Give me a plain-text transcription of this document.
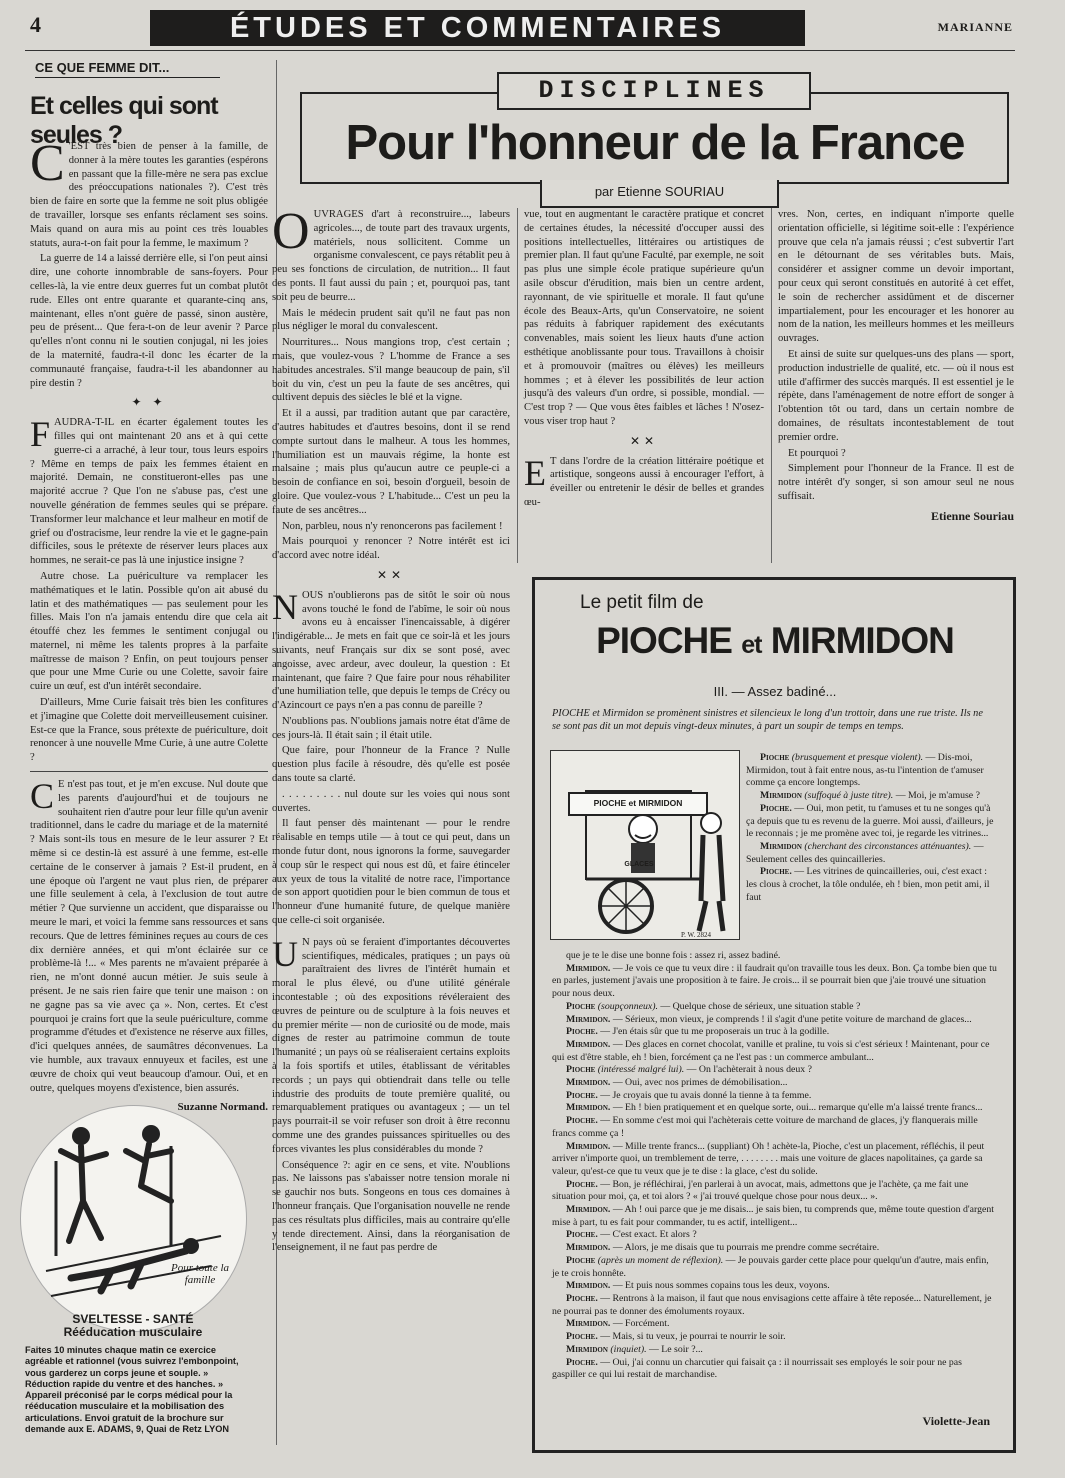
4	ÉTUDES ET COMMENTAIRES	MARIANNE
CE QUE FEMME DIT...
Et celles qui sont seules ?

C 'EST très bien de penser à la famille, de donner à la mère toutes les garanties (espérons en passant que la fille-mère ne sera pas exclue des préoccupations nationales ?). C'est très bien de faire en sorte que la femme ne soit plus obligée de travailler, lorsque ses enfants réclament ses soins. Mais quand on aura mis au point ces très louables statuts, aura-t-on fait pour la femme, le maximum ?

La guerre de 14 a laissé derrière elle, si l'on peut ainsi dire, une cohorte innombrable de sans-foyers. Pour celles-là, la vie entre deux guerres fut un combat plutôt rude. Elles ont entre quarante et quarante-cinq ans, maintenant, elles n'ont guère de passé, sinon austère, peu de présent... Que fera-t-on de leur avenir ? Parce qu'elles n'ont connu ni le soutien conjugal, ni les joies de la maternité, faudra-t-il donc les écarter de la communauté française, faudra-t-il les abandonner au pire destin ?

✦ ✦

FAUDRA-T-IL en écarter également toutes les filles qui ont maintenant 20 ans et à qui cette guerre-ci a arraché, à leur tour, tous leurs espoirs ? Même en temps de paix les femmes étaient en majorité. Demain, ne constitueront-elles pas une majorité accrue ? Que l'on ne s'abuse pas, c'est une nouvelle génération de femmes seules qui se prépare. Transformer leur malchance et leur malheur en motif de grief ou d'ostracisme, leur rendre la vie et le gagne-pain difficiles, sous le prétexte de réserver leurs places aux hommes, ne serait-ce pas là une injustice insigne ?

Autre chose. La puériculture va remplacer les mathématiques et le latin. Possible qu'on ait abusé du latin et des mathématiques — pas seulement pour les filles. Mais l'on n'a jamais entendu dire que cela ait étouffé chez les femmes le sentiment conjugal ou maternel, ni même les talents propres à la parfaite maîtresse de maison ? Enfin, on peut toujours penser que pour une Mme Curie ou une Colette, savoir faire cuire un œuf, est d'un intérêt secondaire.

D'ailleurs, Mme Curie faisait très bien les confitures et j'imagine que Colette doit merveilleusement cuisiner. Est-ce que la France, sous prétexte de puériculture, doit renoncer à une nouvelle Mme Curie, à une autre Colette ?

C E n'est pas tout, et je m'en excuse. Nul doute que les parents d'aujourd'hui et de toujours ne souhaitent rien d'autre pour leur fille qu'un avenir traditionnel, dans le cadre du mariage et de la maternité ? Mais sont-ils tous en mesure de le leur assurer ? Et même si ce destin-là est assuré à une femme, est-elle certaine de le conserver à jamais ? Est-il prudent, en une époque où l'argent ne vaut plus rien, de préparer une fille seulement à cela, à l'exclusion de tout autre métier ? Que survienne un accident, que disparaisse ou meure le mari, et voici la femme sans ressources et sans recours. Que de lettres féminines reçues au cours de ces dix dernière années, et qui m'ont éclairée sur ce problème-là !... « Mes parents ne m'avaient préparée à rien, ne m'ont donné aucun métier. Je suis seule à présent. Je ne sais rien faire que tenir une maison : on ne gagne pas sa vie avec ça ». Non, certes. Et c'est pourquoi je crains fort que la seule puériculture, comme programme d'études et d'existence ne réserve aux filles, d'ici quelques années, de saumâtres déconvenues. La vie humble, aux travaux ennuyeux et faciles, est une œuvre de choix qui veut beaucoup d'amour. Oui, et en outre, quelques moyens d'existence, bien assurés.

Suzanne Normand.
Pour toute la famille
SVELTESSE - SANTÉ
Rééducation musculaire
Faites 10 minutes chaque matin ce exercice agréable et rationnel (vous suivrez l'embonpoint, vous garderez un corps jeune et souple. » Réduction rapide du ventre et des hanches. » Appareil préconisé par le corps médical pour la rééducation musculaire et la mobilisation des articulations. Envoi gratuit de la brochure sur demande aux E. ADAMS, 9, Quai de Retz LYON
DISCIPLINES
Pour l'honneur de la France
par Etienne SOURIAU

OUVRAGES d'art à reconstruire..., labeurs agricoles..., de toute part des travaux urgents, matériels, nous sollicitent. Comme un organisme convalescent, ce pays rétablit peu à peu ses fonctions de circulation, de nutrition... Il faut des ponts. Il faut aussi du pain ; et, pourquoi pas, tant soit peu de beurre...

Mais le médecin prudent sait qu'il ne faut pas non plus négliger le moral du convalescent.

Nourritures... Nous mangions trop, c'est certain ; mais, que voulez-vous ? L'homme de France a ses habitudes ancestrales. S'il mange beaucoup de pain, s'il boit du vin, c'est un peu la faute de ses ancêtres, qui cultivent depuis des siècles le blé et la vigne.

Et il a aussi, par tradition autant que par caractère, d'autres habitudes et d'autres besoins, dont il se rend compte surtout dans le malheur. A tous les hommes, l'humiliation est un mauvais régime, la honte est malsaine ; mais plus qu'aucun autre ce peuple-ci a besoin de confiance en soi, besoin d'orgueil, besoin de gloire. Que voulez-vous ? L'habitude... C'est un peu la faute de ses ancêtres...

Non, parbleu, nous n'y renoncerons pas facilement !

Mais pourquoi y renoncer ? Notre intérêt est ici d'accord avec notre idéal.

✕✕

NOUS n'oublierons pas de sitôt le soir où nous avons touché le fond de l'abîme, le soir où nous avons eu à encaisser l'inencaissable, à digérer l'indigérable... Je mets en fait que ce soir-là et les jours suivants, neuf Français sur dix se sont posé, avec angoisse, avec ardeur, avec douleur, la question : Et maintenant, que faire ? Que faire pour nous réhabiliter d'une humiliation telle, que depuis le temps de Crécy ou d'Azincourt ce pays n'en a pas connu de pareille ?

N'oublions pas. N'oublions jamais notre état d'âme de ces jours-là. Il était sain ; il était utile.

Que faire, pour l'honneur de la France ? Nulle question plus facile à résoudre, dès qu'elle est posée dans toute sa clarté.

. . . . . . . . . nul doute sur les voies qui nous sont ouvertes.

Il faut penser dès maintenant — pour le rendre réalisable en temps utile — à tout ce qui peut, dans un monde futur dont, nous ignorons la forme, sauvegarder à coup sûr le respect qui nous est dû, et faire étinceler aux yeux de tous la vitalité de notre race, l'importance de son apport quotidien pour le bien commun de tous et l'honneur d'une humanité future, de quelque manière que celle-ci soit organisée.

U N pays où se feraient d'importantes découvertes scientifiques, médicales, pratiques ; un pays où paraîtraient des livres de l'intérêt humain et moral le plus élevé, ou d'une utilité générale incontestable ; où des expositions révéleraient des œuvres de peinture ou de sculpture à la fois neuves et du premier mérite — non de curiosité ou de mode, mais dignes de rester au patrimoine commun de toute l'humanité ; un pays où se réaliseraient certains exploits à la fois sportifs et utiles, établissant de véritables records ; un pays qui obtiendrait dans telle ou telle industrie des produits de toute première qualité, ou remarquablement pratiques ou avantageux ; — un tel pays pourrait-il se voir refuser son droit à être reconnu comme une des grandes puissances spirituelles ou des forces vivantes les plus considérables du monde ?

Conséquence ?: agir en ce sens, et vite. N'oublions pas. Ne laissons pas s'abaisser notre tension morale ni se gauchir nos buts. Songeons en tous ces domaines à l'honneur français. Que l'organisation nouvelle ne rende pas ces résultats plus difficiles, mais au contraire qu'elle y tende directement. Ainsi, dans la réorganisation de l'enseignement, il ne faut pas perdre de

vue, tout en augmentant le caractère pratique et concret de certaines études, la nécessité d'occuper aussi des positions intellectuelles, littéraires ou artistiques de premier plan. Il faut qu'une Faculté, par exemple, ne soit pas plus une simple école pratique supérieure qu'un asile obscur d'érudition, mais bien un centre ardent, rayonnant, de vie spirituelle et morale. Il faut qu'une école des Beaux-Arts, qu'un Conservatoire, ne soient pas réduits à fabriquer rapidement des exécutants convenables, mais soient les lieux hauts d'une action esthétique anoblissante pour tous. Travaillons à choisir et à promouvoir (maîtres ou élèves) les meilleurs hommes ; et à élever les possibilités de leur action jusqu'à des valeurs d'un ordre, si possible, mondial. — C'est trop ? — Que vous êtes faibles et lâches ! N'osez-vous viser trop haut ?

✕✕

E T dans l'ordre de la création littéraire poétique et artistique, songeons aussi à encourager l'effort, à éveiller ou entretenir le désir de belles et grandes œu-

vres. Non, certes, en indiquant n'importe quelle orientation officielle, si légitime soit-elle : l'expérience prouve que cela n'a jamais réussi ; c'est subvertir l'art en le détournant de ses véritables buts. Mais, considérer et assigner comme un devoir important, pour ceux qui seront constitués en autorité à cet effet, le soin de rechercher assidûment et de discerner impartialement, pour les encourager et les honorer au nom de la nation, les meilleurs hommes et les meilleurs ouvrages.

Et ainsi de suite sur quelques-uns des plans — sport, production industrielle de qualité, etc. — où il nous est utile d'affirmer des succès marqués. Il est essentiel je le répète, dans l'aménagement de notre effort de songer à l'obtention tôt ou tard, dans un certain nombre de domaines, de résultats incontestablement de tout premier ordre.

Et pourquoi ?

Simplement pour l'honneur de la France. Il est de notre intérêt d'y songer, si son amour seul ne nous suffisait.

Etienne Souriau
Le petit film de
PIOCHE et MIRMIDON
III. — Assez badiné...
PIOCHE et Mirmidon se promènent sinistres et silencieux le long d'un trottoir, dans une rue triste. Ils ne se sont pas dit un mot depuis vingt-deux minutes, à part un soupir de temps en temps.
PIOCHE et MIRMIDON
GLACES
P. W. 2824

Pioche (brusquement et presque violent). — Dis-moi, Mirmidon, tout à fait entre nous, as-tu l'intention de t'amuser comme ça encore longtemps.

Mirmidon (suffoqué à juste titre). — Moi, je m'amuse ?

Pioche. — Oui, mon petit, tu t'amuses et tu ne songes qu'à ça depuis que tu es revenu de la guerre. Moi aussi, d'ailleurs, je le reconnais ; je me promène avec toi, je regarde les vitrines...

Mirmidon (cherchant des circonstances atténuantes). — Seulement celles des quincailleries.

Pioche. — Les vitrines de quincailleries, oui, c'est exact : les clous à crochet, la tôle ondulée, eh ! bien, mon petit ami, il faut

que je te le dise une bonne fois : assez ri, assez badiné.

Mirmidon. — Je vois ce que tu veux dire : il faudrait qu'on travaille tous les deux. Bon. Ça tombe bien que tu en parles, justement j'avais une proposition à te faire. Je crois... il se pourrait bien que j'aie trouvé une situation pour nous deux.

Pioche (soupçonneux). — Quelque chose de sérieux, une situation stable ?

Mirmidon. — Sérieux, mon vieux, je comprends ! il s'agit d'une petite voiture de marchand de glaces...

Pioche. — J'en étais sûr que tu me proposerais un truc à la godille.

Mirmidon. — Des glaces en cornet chocolat, vanille et praline, tu vois si c'est sérieux ! Maintenant, pour ce qui est d'être stable, eh ! bien, forcément ça ne l'est pas : un commerce ambulant...

Pioche (intéressé malgré lui). — On l'achèterait à nous deux ?

Mirmidon. — Oui, avec nos primes de démobilisation...

Pioche. — Je croyais que tu avais donné la tienne à ta femme.

Mirmidon. — Eh ! bien pratiquement et en quelque sorte, oui... remarque qu'elle m'a laissé trente francs...

Pioche. — En somme c'est moi qui l'achèterais cette voiture de marchand de glaces, j'y flanquerais mille francs comme ça !

Mirmidon. — Mille trente francs... (suppliant) Oh ! achète-la, Pioche, c'est un placement, réfléchis, il peut arriver n'importe quoi, un tremblement de terre, . . . . . . . . mais une voiture de glaces napolitaines, ça garde sa valeur, qu'est-ce que tu veux que je te dise : la glace, c'est du solide.

Pioche. — Bon, je réfléchirai, j'en parlerai à un avocat, mais, admettons que je l'achète, ça me fait une situation pour moi, ça, et toi alors ? « j'ai trouvé quelque chose pour nous deux... ».

Mirmidon. — Ah ! oui parce que je me disais... je sais bien, tu comprends que, même toute question d'argent mise à part, tu es fait pour commander, tu es actif, intelligent...

Pioche. — C'est exact. Et alors ?

Mirmidon. — Alors, je me disais que tu pourrais me prendre comme secrétaire.

Pioche (après un moment de réflexion). — Je pouvais garder cette place pour quelqu'un d'autre, mais enfin, je te crois honnête.

Mirmidon. — Et puis nous sommes copains tous les deux, voyons.

Pioche. — Rentrons à la maison, il faut que nous envisagions cette affaire à tête reposée... Naturellement, je ne pourrai pas te donner des émoluments royaux.

Mirmidon. — Forcément.

Pioche. — Mais, si tu veux, je pourrai te nourrir le soir.

Mirmidon (inquiet). — Le soir ?...

Pioche. — Oui, j'ai connu un charcutier qui faisait ça : il nourrissait ses employés le soir pour ne pas gaspiller ce qui lui restait de marchandise.

Violette-Jean
